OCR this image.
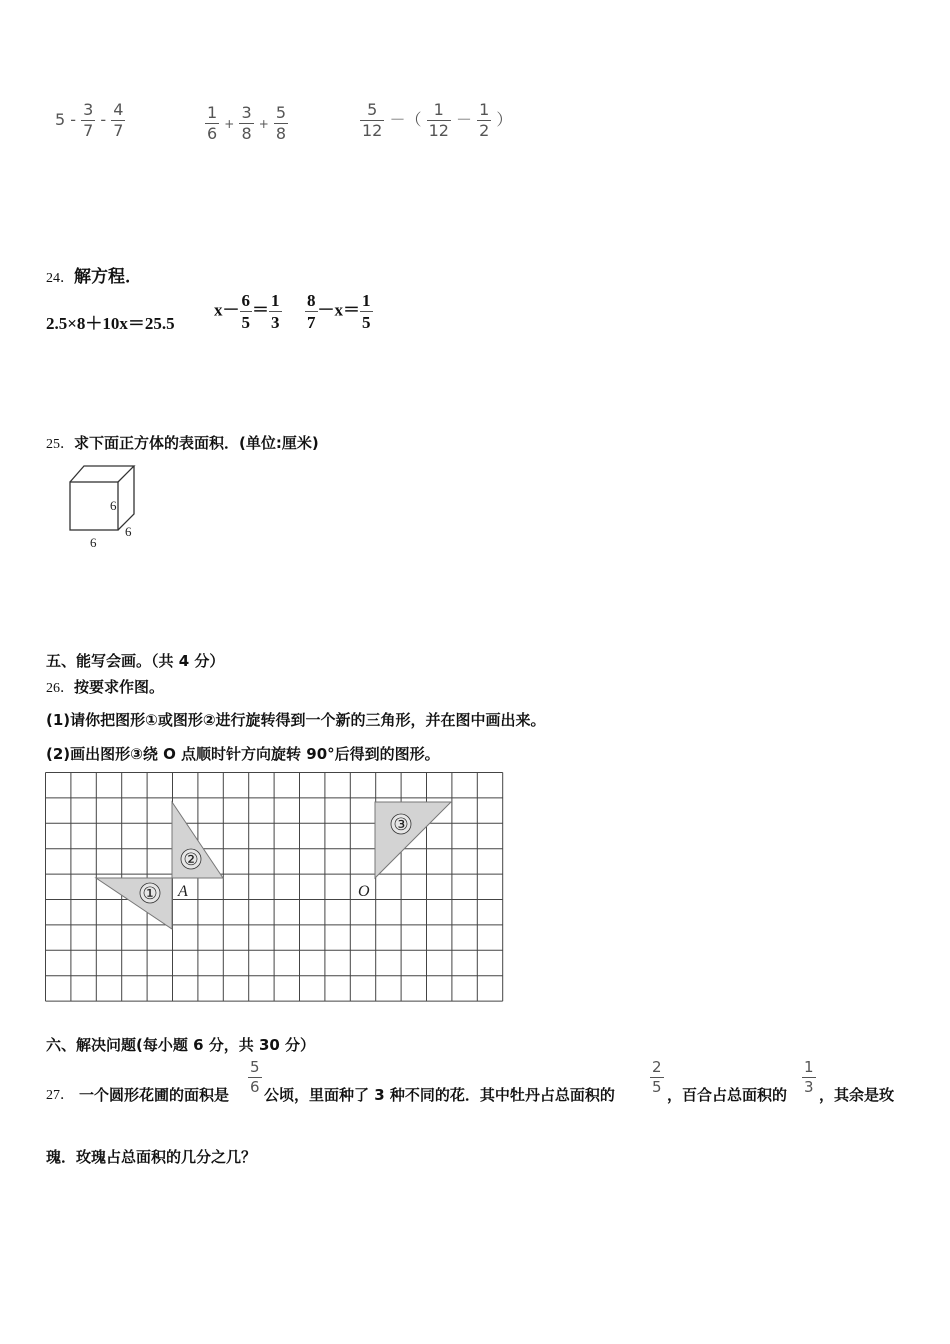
$5 - \frac{3}{7} - \frac{4}{7}$	$\frac{1}{6} + \frac{3}{8} + \frac{5}{8}$	$\frac{5}{12}$ －（ $\frac{1}{12} - \frac{1}{2}$ ）
24．解方程．
2.5×8＋10x＝25.5
$x- \frac{6}{5} = \frac{1}{3} \frac{8}{7} -x= \frac{1}{5}$
25．求下面正方体的表面积．(单位:厘米)
6
6
6
五、能写会画。（共 4 分）
26．按要求作图。
(1)请你把图形①或图形②进行旋转得到一个新的三角形，并在图中画出来。
(2)画出图形③绕 O 点顺时针方向旋转 90°后得到的图形。
①
②
③
A	O
六、解决问题(每小题 6 分，共 30 分）
27． 一个圆形花圃的面积是 $\frac{5}{6}$ 公顷，里面种了 3 种不同的花．其中牡丹占总面积的 $\frac{2}{5}$ ，百合占总面积的 $\frac{1}{3}$ ，其余是玫
瑰．玫瑰占总面积的几分之几？
